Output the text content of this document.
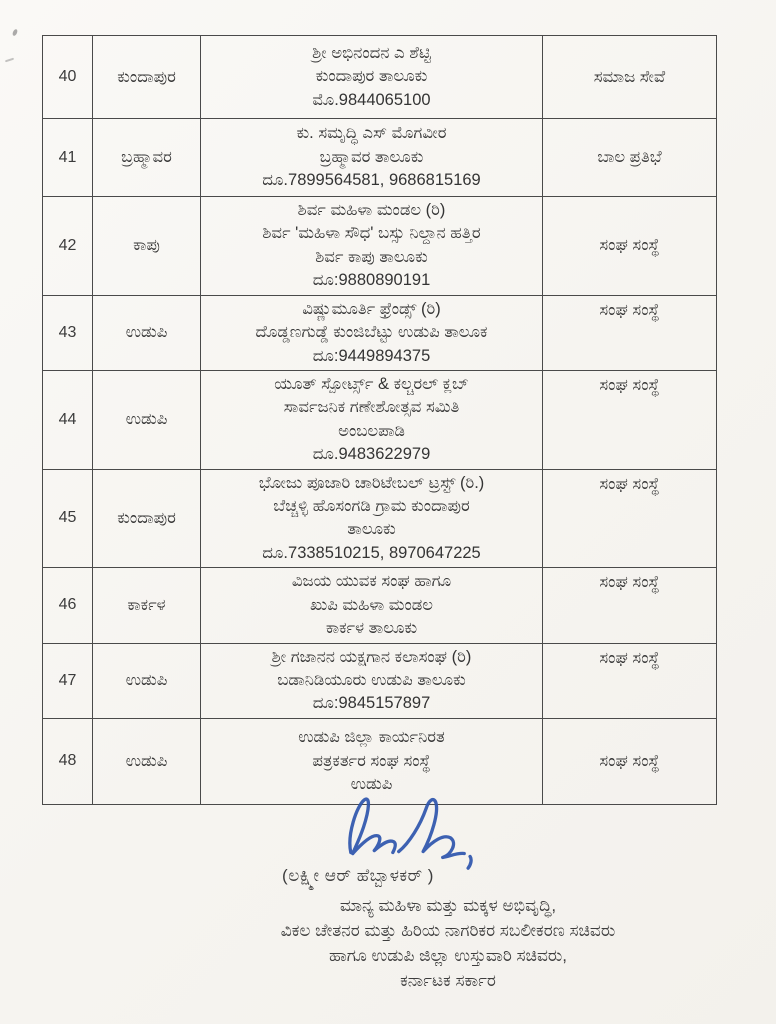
40	ಕುಂದಾಪುರ	ಶ್ರೀ ಅಭಿನಂದನ ಎ ಶೆಟ್ಟಿ
ಕುಂದಾಪುರ ತಾಲೂಕು
ಮೊ.9844065100	ಸಮಾಜ ಸೇವೆ
41	ಬ್ರಹ್ಮಾವರ	ಕು. ಸಮೃದ್ಧಿ ಎಸ್ ಮೊಗವೀರ
ಬ್ರಹ್ಮಾವರ ತಾಲೂಕು
ದೂ.7899564581, 9686815169	ಬಾಲ ಪ್ರತಿಭೆ
42	ಕಾಪು	ಶಿರ್ವ ಮಹಿಳಾ ಮಂಡಲ (ರಿ)
ಶಿರ್ವ 'ಮಹಿಳಾ ಸೌಧ' ಬಸ್ಸು ನಿಲ್ದಾನ ಹತ್ತಿರ
ಶಿರ್ವ ಕಾಪು ತಾಲೂಕು
ದೂ:9880890191	ಸಂಘ ಸಂಸ್ಥೆ
43	ಉಡುಪಿ	ವಿಷ್ಣುಮೂರ್ತಿ ಫ್ರೆಂಡ್ಸ್ (ರಿ)
ದೊಡ್ಡಣಗುಡ್ಡೆ ಕುಂಜಿಬೆಟ್ಟು ಉಡುಪಿ ತಾಲೂಕ
ದೂ:9449894375	ಸಂಘ ಸಂಸ್ಥೆ
44	ಉಡುಪಿ	ಯೂತ್ ಸ್ಪೋರ್ಟ್ಸ್ & ಕಲ್ಚರಲ್ ಕ್ಲಬ್
ಸಾರ್ವಜನಿಕ ಗಣೇಶೋತ್ಸವ ಸಮಿತಿ
ಅಂಬಲಪಾಡಿ
ದೂ.9483622979	ಸಂಘ ಸಂಸ್ಥೆ
45	ಕುಂದಾಪುರ	ಭೋಜು ಪೂಜಾರಿ ಚಾರಿಟೇಬಲ್ ಟ್ರಸ್ಟ್ (ರಿ.)
ಬೆಚ್ಚಳ್ಳಿ ಹೊಸಂಗಡಿ ಗ್ರಾಮ ಕುಂದಾಪುರ
ತಾಲೂಕು
ದೂ.7338510215, 8970647225	ಸಂಘ ಸಂಸ್ಥೆ
46	ಕಾರ್ಕಳ	ವಿಜಯ ಯುವಕ ಸಂಘ ಹಾಗೂ
ಖುಪಿ ಮಹಿಳಾ ಮಂಡಲ
ಕಾರ್ಕಳ ತಾಲೂಕು	ಸಂಘ ಸಂಸ್ಥೆ
47	ಉಡುಪಿ	ಶ್ರೀ ಗಜಾನನ ಯಕ್ಷಗಾನ ಕಲಾಸಂಘ (ರಿ)
ಬಡಾನಿಡಿಯೂರು ಉಡುಪಿ ತಾಲೂಕು
ದೂ:9845157897	ಸಂಘ ಸಂಸ್ಥೆ
48	ಉಡುಪಿ	ಉಡುಪಿ ಜಿಲ್ಲಾ ಕಾರ್ಯನಿರತ
ಪತ್ರಕರ್ತರ ಸಂಘ ಸಂಸ್ಥೆ
ಉಡುಪಿ	ಸಂಘ ಸಂಸ್ಥೆ
(ಲಕ್ಷ್ಮೀ ಆರ್ ಹೆಬ್ಬಾಳಕರ್ )
ಮಾನ್ಯ ಮಹಿಳಾ ಮತ್ತು ಮಕ್ಕಳ ಅಭಿವೃದ್ಧಿ,
ವಿಕಲ ಚೇತನರ ಮತ್ತು ಹಿರಿಯ ನಾಗರಿಕರ ಸಬಲೀಕರಣ ಸಚಿವರು
ಹಾಗೂ ಉಡುಪಿ ಜಿಲ್ಲಾ ಉಸ್ತುವಾರಿ ಸಚಿವರು,
ಕರ್ನಾಟಕ ಸರ್ಕಾರ
